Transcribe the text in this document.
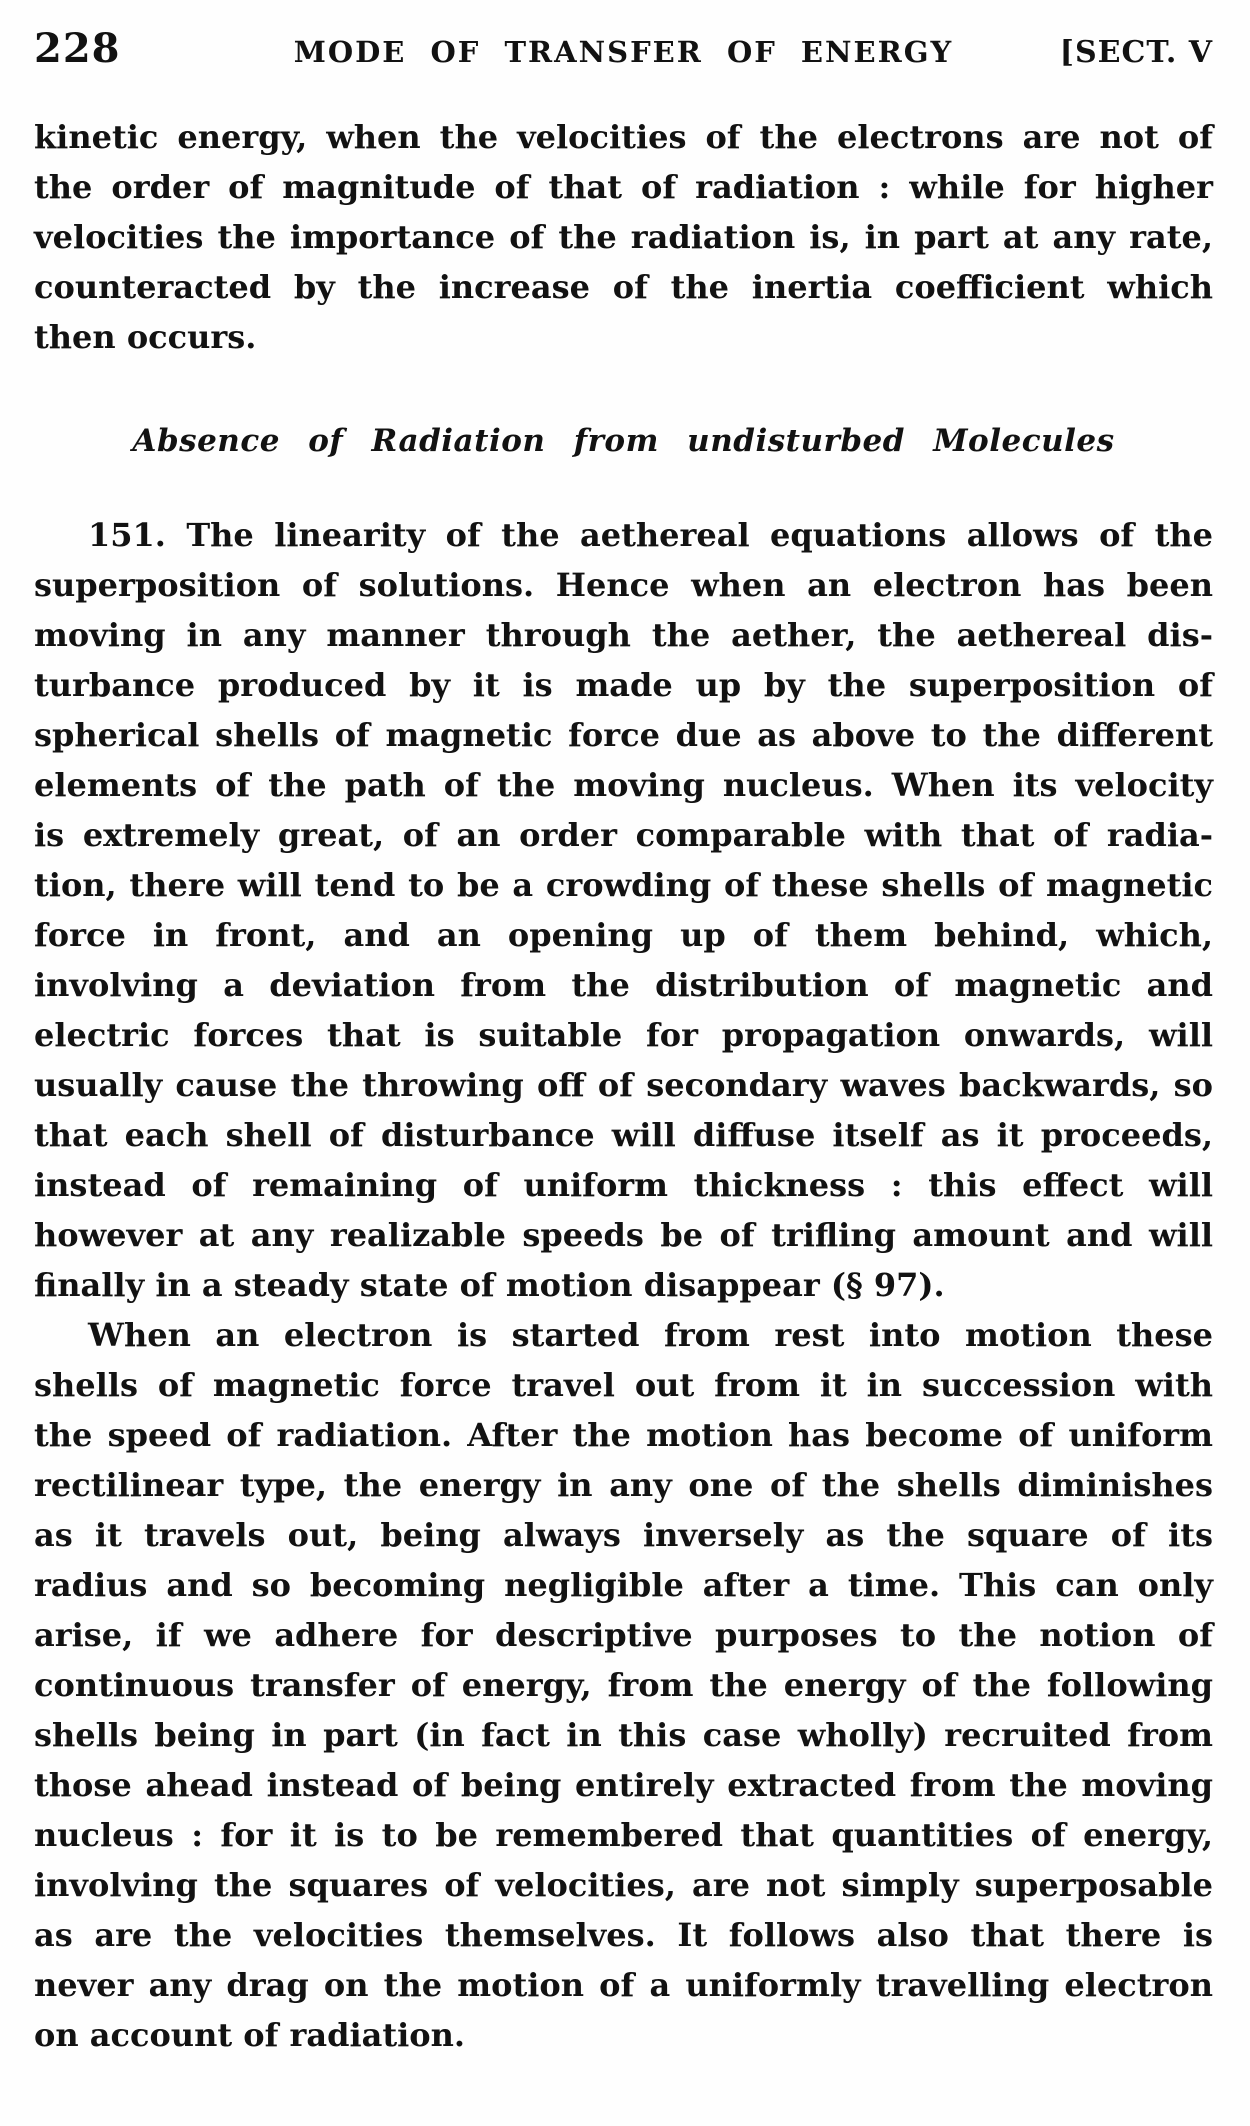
228	MODE OF TRANSFER OF ENERGY	[SECT. V
kinetic energy, when the velocities of the electrons are not of
the order of magnitude of that of radiation : while for higher
velocities the importance of the radiation is, in part at any rate,
counteracted by the increase of the inertia coefficient which
then occurs.
Absence of Radiation from undisturbed Molecules
151. The linearity of the aethereal equations allows of the
superposition of solutions. Hence when an electron has been
moving in any manner through the aether, the aethereal dis-
turbance produced by it is made up by the superposition of
spherical shells of magnetic force due as above to the different
elements of the path of the moving nucleus. When its velocity
is extremely great, of an order comparable with that of radia-
tion, there will tend to be a crowding of these shells of magnetic
force in front, and an opening up of them behind, which,
involving a deviation from the distribution of magnetic and
electric forces that is suitable for propagation onwards, will
usually cause the throwing off of secondary waves backwards, so
that each shell of disturbance will diffuse itself as it proceeds,
instead of remaining of uniform thickness : this effect will
however at any realizable speeds be of trifling amount and will
finally in a steady state of motion disappear (§ 97).
When an electron is started from rest into motion these
shells of magnetic force travel out from it in succession with
the speed of radiation. After the motion has become of uniform
rectilinear type, the energy in any one of the shells diminishes
as it travels out, being always inversely as the square of its
radius and so becoming negligible after a time. This can only
arise, if we adhere for descriptive purposes to the notion of
continuous transfer of energy, from the energy of the following
shells being in part (in fact in this case wholly) recruited from
those ahead instead of being entirely extracted from the moving
nucleus : for it is to be remembered that quantities of energy,
involving the squares of velocities, are not simply superposable
as are the velocities themselves. It follows also that there is
never any drag on the motion of a uniformly travelling electron
on account of radiation.
